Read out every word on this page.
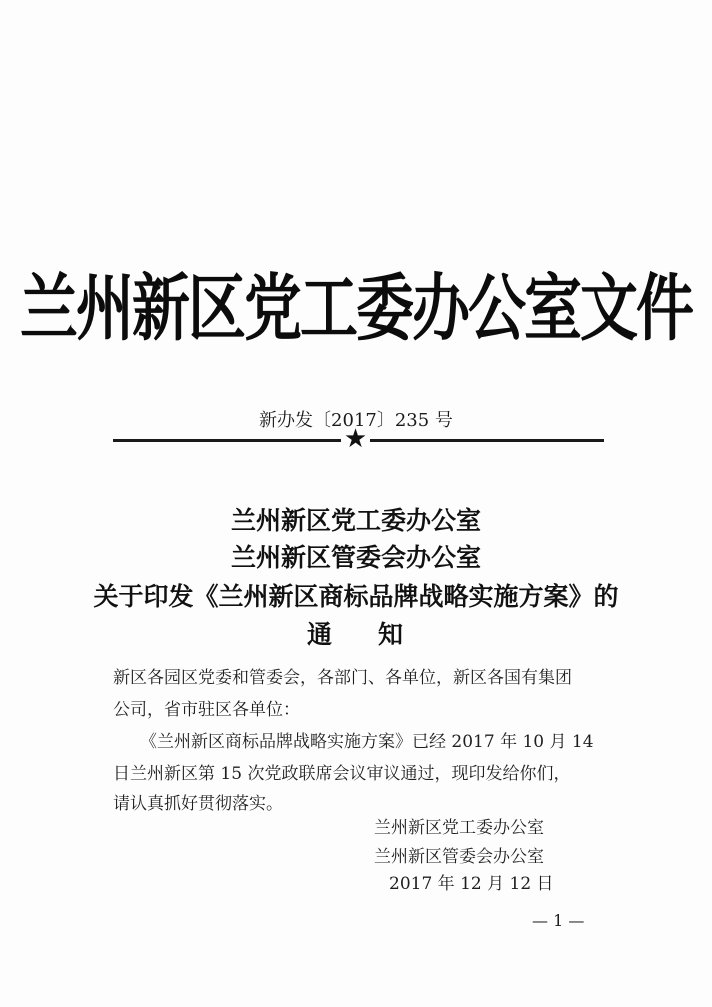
兰州新区党工委办公室文件
新办发〔2017〕235 号
★
兰州新区党工委办公室
兰州新区管委会办公室
关于印发《兰州新区商标品牌战略实施方案》的
通 知
新区各园区党委和管委会，各部门、各单位，新区各国有集团
公司，省市驻区各单位：
《兰州新区商标品牌战略实施方案》已经 2017 年 10 月 14
日兰州新区第 15 次党政联席会议审议通过，现印发给你们，
请认真抓好贯彻落实。
兰州新区党工委办公室
兰州新区管委会办公室
2017 年 12 月 12 日
— 1 —
